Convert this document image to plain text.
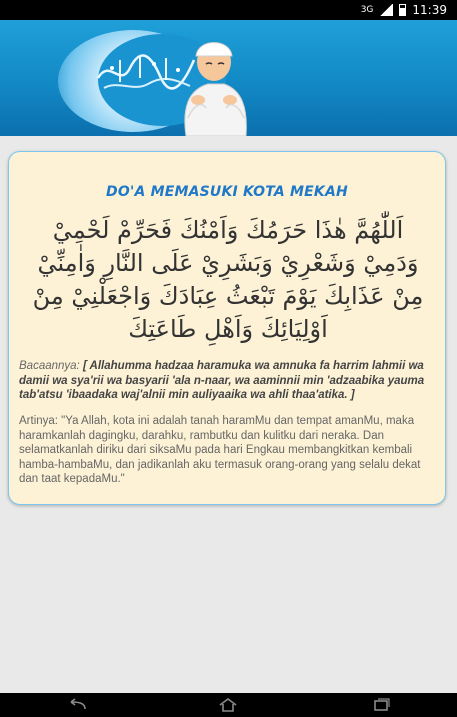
3G	11:39
DO'A MEMASUKI KOTA MEKAH
اَللّٰهُمَّ هٰذَا حَرَمُكَ وَاَمْنُكَ فَحَرِّمْ لَحْمِيْ وَدَمِيْ وَشَعْرِيْ وَبَشَرِيْ عَلَى النَّارِ وَاٰمِنِّيْ مِنْ عَذَابِكَ يَوْمَ تَبْعَثُ عِبَادَكَ وَاجْعَلْنِيْ مِنْ اَوْلِيَائِكَ وَاَهْلِ طَاعَتِكَ
Bacaannya: [ Allahumma hadzaa haramuka wa amnuka fa harrim lahmii wa damii wa sya'rii wa basyarii 'ala n-naar, wa aaminnii min 'adzaabika yauma tab'atsu 'ibaadaka waj'alnii min auliyaaika wa ahli thaa'atika. ]
Artinya: "Ya Allah, kota ini adalah tanah haramMu dan tempat amanMu, maka haramkanlah dagingku, darahku, rambutku dan kulitku dari neraka. Dan selamatkanlah diriku dari siksaMu pada hari Engkau membangkitkan kembali hamba-hambaMu, dan jadikanlah aku termasuk orang-orang yang selalu dekat dan taat kepadaMu."
